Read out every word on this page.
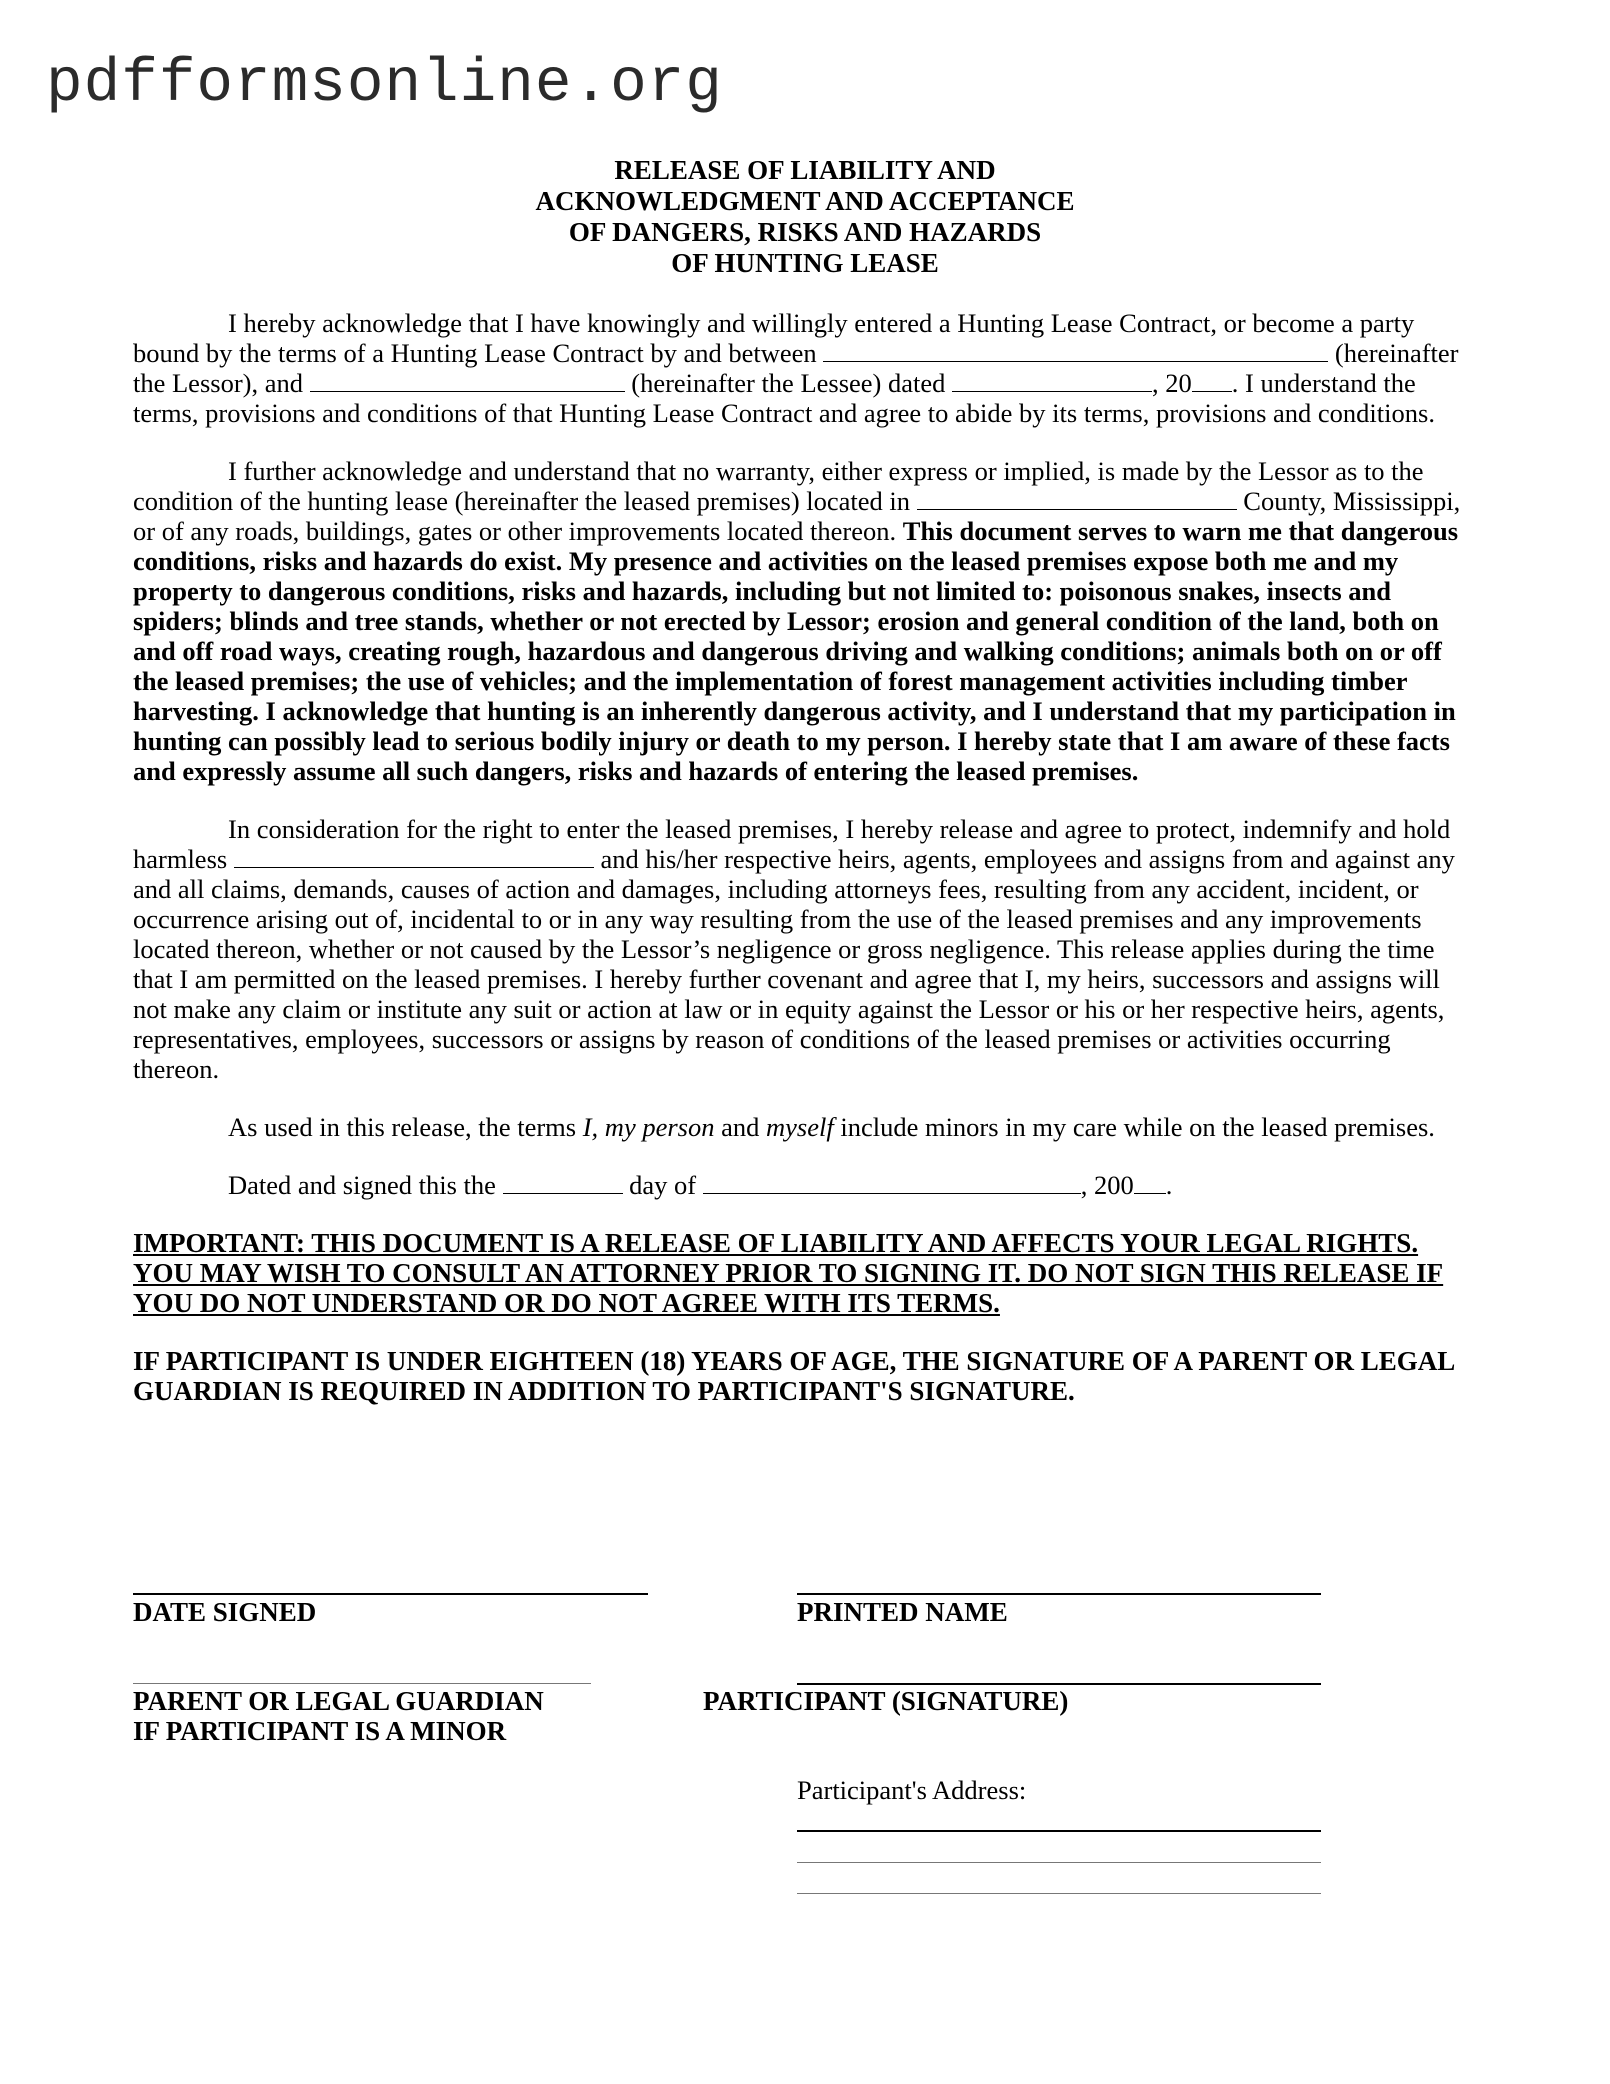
pdfformsonline.org
RELEASE OF LIABILITY AND
ACKNOWLEDGMENT AND ACCEPTANCE
OF DANGERS, RISKS AND HAZARDS
OF HUNTING LEASE

I hereby acknowledge that I have knowingly and willingly entered a Hunting Lease Contract, or become a party bound by the terms of a Hunting Lease Contract by and between	(hereinafter the Lessor), and	(hereinafter the Lessee) dated	, 20 . I understand the terms, provisions and conditions of that Hunting Lease Contract and agree to abide by its terms, provisions and conditions.

I further acknowledge and understand that no warranty, either express or implied, is made by the Lessor as to the condition of the hunting lease (hereinafter the leased premises) located in	County, Mississippi, or of any roads, buildings, gates or other improvements located thereon. This document serves to warn me that dangerous conditions, risks and hazards do exist. My presence and activities on the leased premises expose both me and my property to dangerous conditions, risks and hazards, including but not limited to: poisonous snakes, insects and spiders; blinds and tree stands, whether or not erected by Lessor; erosion and general condition of the land, both on and off road ways, creating rough, hazardous and dangerous driving and walking conditions; animals both on or off the leased premises; the use of vehicles; and the implementation of forest management activities including timber harvesting. I acknowledge that hunting is an inherently dangerous activity, and I understand that my participation in hunting can possibly lead to serious bodily injury or death to my person. I hereby state that I am aware of these facts and expressly assume all such dangers, risks and hazards of entering the leased premises.

In consideration for the right to enter the leased premises, I hereby release and agree to protect, indemnify and hold harmless	and his/her respective heirs, agents, employees and assigns from and against any and all claims, demands, causes of action and damages, including attorneys fees, resulting from any accident, incident, or occurrence arising out of, incidental to or in any way resulting from the use of the leased premises and any improvements located thereon, whether or not caused by the Lessor’s negligence or gross negligence. This release applies during the time that I am permitted on the leased premises. I hereby further covenant and agree that I, my heirs, successors and assigns will not make any claim or institute any suit or action at law or in equity against the Lessor or his or her respective heirs, agents, representatives, employees, successors or assigns by reason of conditions of the leased premises or activities occurring thereon.

As used in this release, the terms I, my person and myself include minors in my care while on the leased premises.

Dated and signed this the	day of	, 200 .

IMPORTANT: THIS DOCUMENT IS A RELEASE OF LIABILITY AND AFFECTS YOUR LEGAL RIGHTS. YOU MAY WISH TO CONSULT AN ATTORNEY PRIOR TO SIGNING IT. DO NOT SIGN THIS RELEASE IF YOU DO NOT UNDERSTAND OR DO NOT AGREE WITH ITS TERMS.

IF PARTICIPANT IS UNDER EIGHTEEN (18) YEARS OF AGE, THE SIGNATURE OF A PARENT OR LEGAL GUARDIAN IS REQUIRED IN ADDITION TO PARTICIPANT'S SIGNATURE.

DATE SIGNED	PRINTED NAME
PARENT OR LEGAL GUARDIAN
IF PARTICIPANT IS A MINOR
PARTICIPANT (SIGNATURE)
Participant's Address:
